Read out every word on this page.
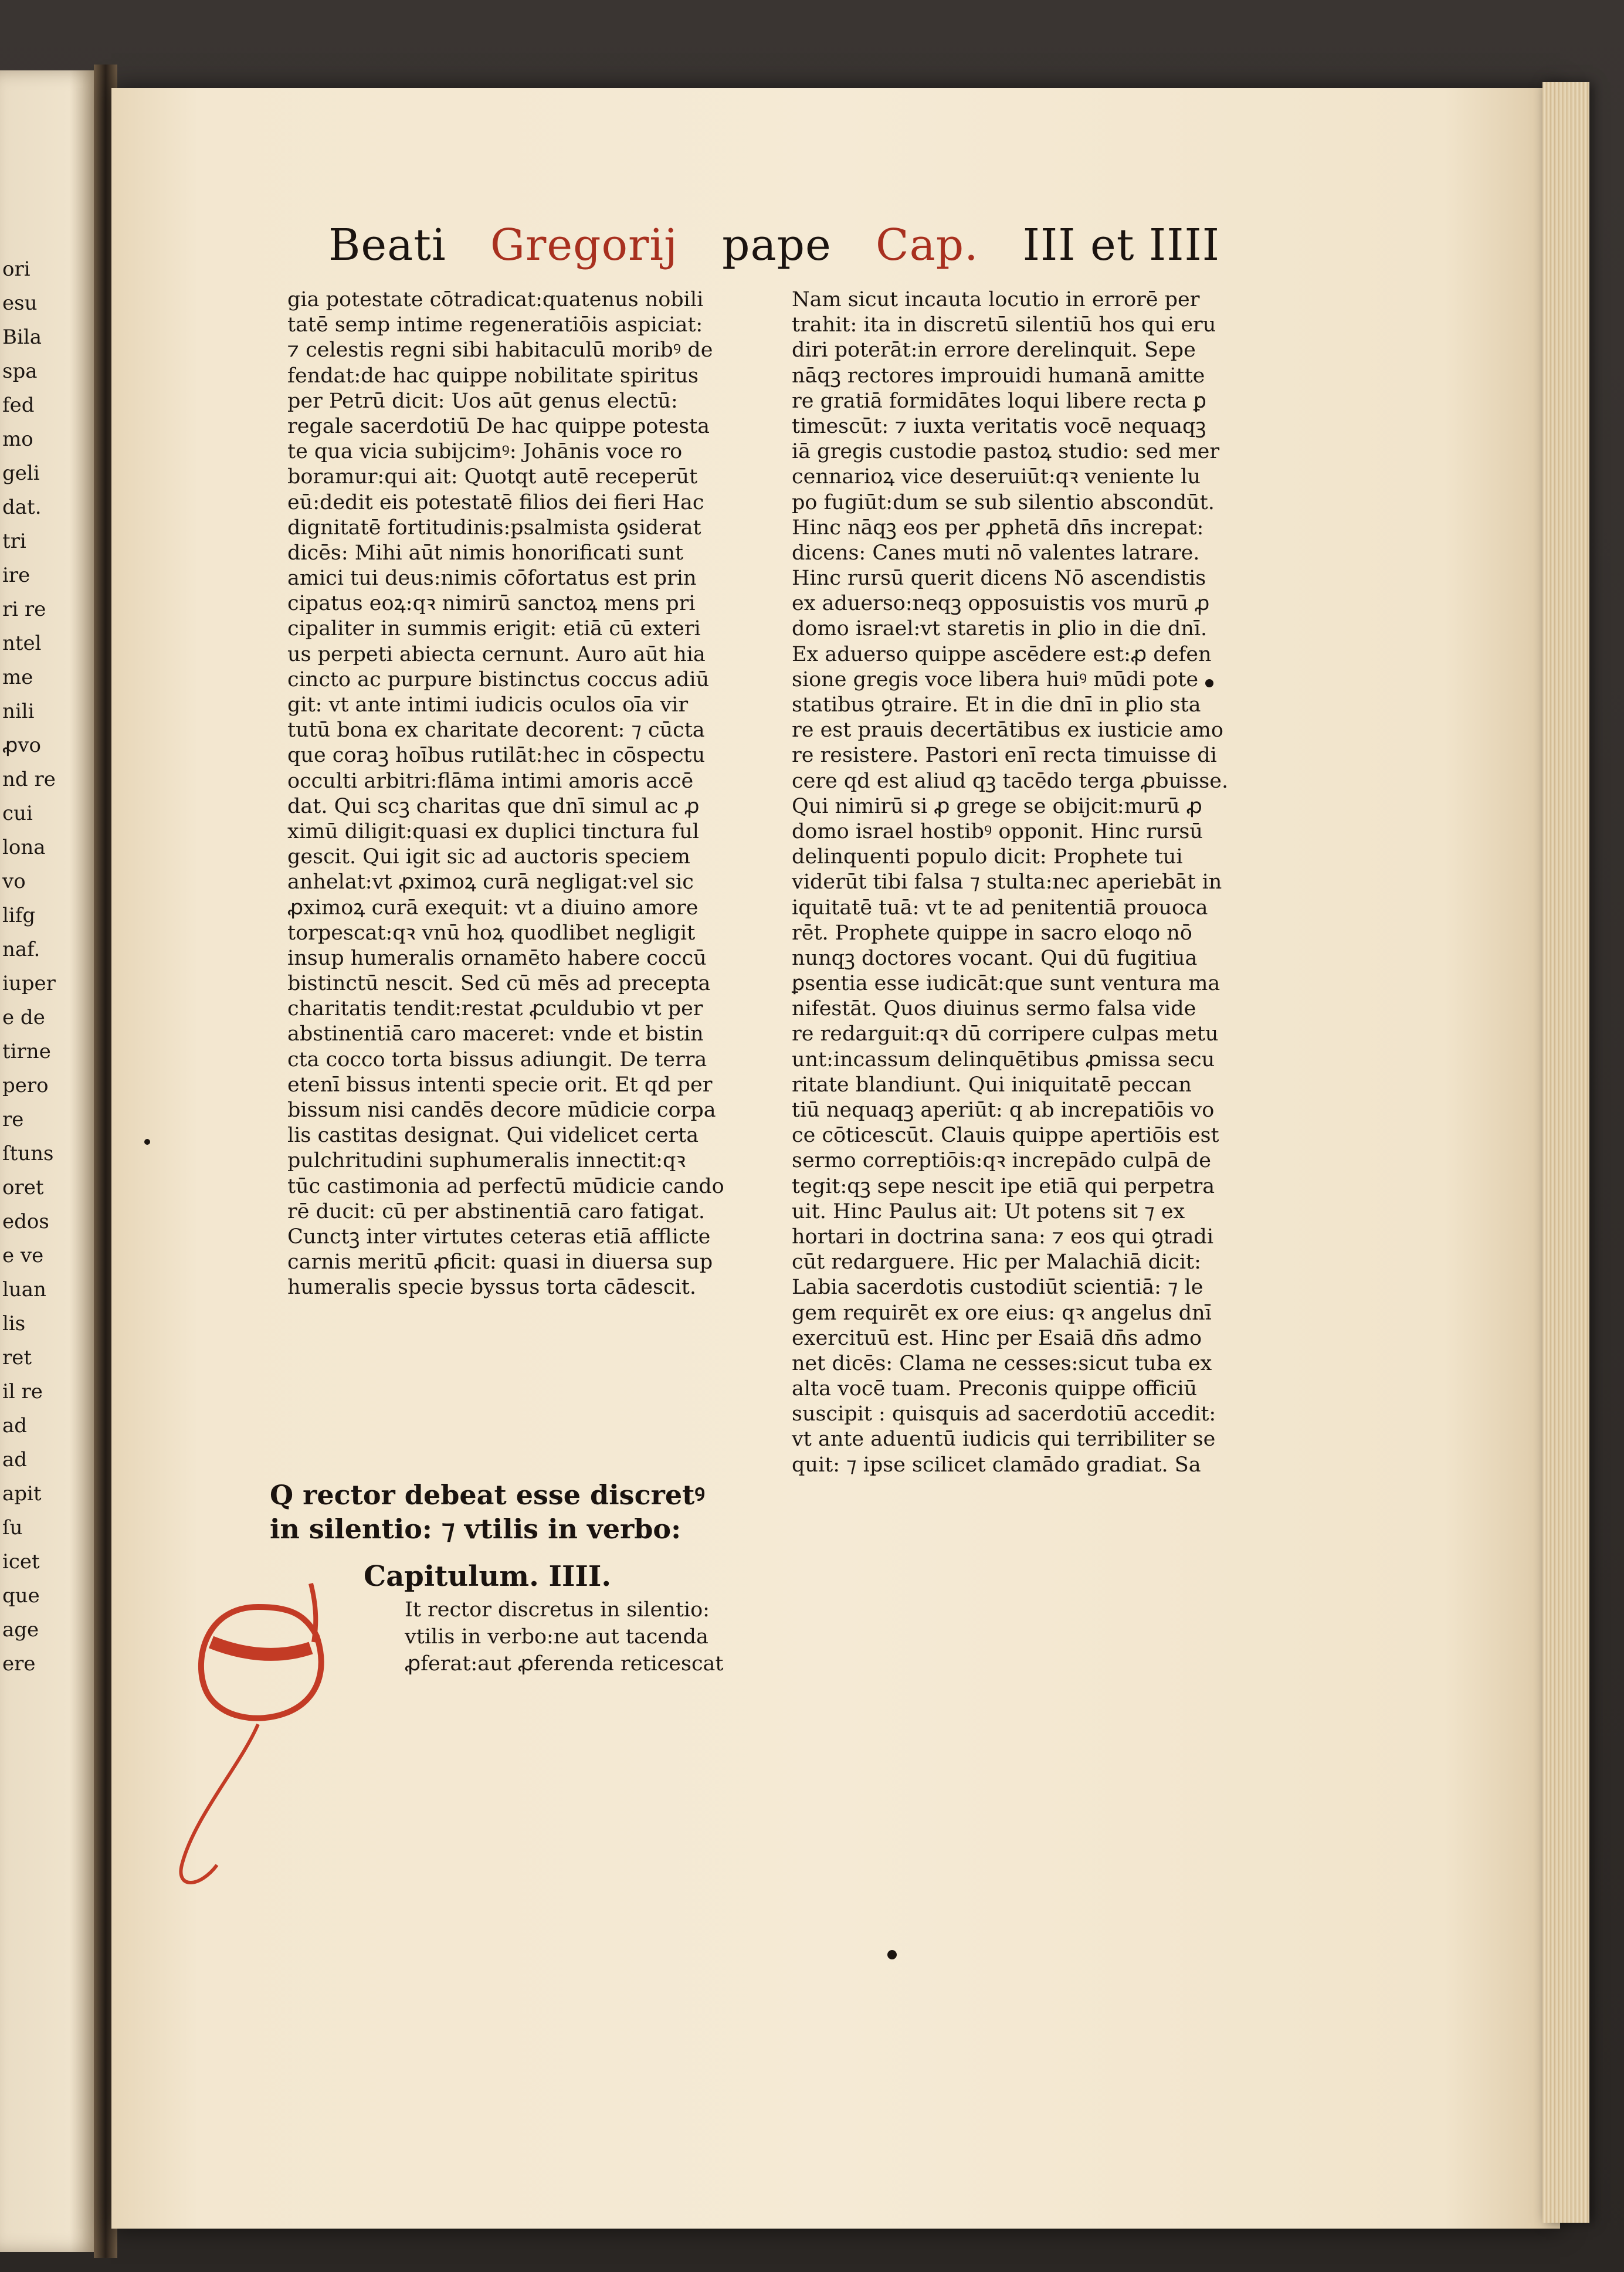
ori
esu
Bila
spa
fed
mo
geli
dat.
tri
ire
ri re
ntel
me
nili
ꝓvo
nd re
cui
lona
vo
lifg
naf.
iuper
e de
tirne
pero
re
ſtuns
oret
edos
e ve
luan
lis
ret
il re
ad
ad
apit
ſu
icet
que
age
ere
Beati Gregorij pape Cap. III et IIII
gia potestate cōtradicat:quatenus nobili
tatē semp intime regeneratiōis aspiciat:
⁊ celestis regni sibi habitaculū moribꝰ de
fendat:de hac quippe nobilitate spiritus
per Petrū dicit: Uos aūt genus electū:
regale sacerdotiū De hac quippe potesta
te qua vicia subijcimꝰ: Johānis voce ro
boramur:qui ait: Quotqt autē receperūt
eū:dedit eis potestatē filios dei fieri Hac
dignitatē fortitudinis:psalmista ꝯsiderat
dicēs: Mihi aūt nimis honorificati sunt
amici tui deus:nimis cōfortatus est prin
cipatus eoꝝ:qꝛ nimirū sanctoꝝ mens pri
cipaliter in summis erigit: etiā cū exteri
us perpeti abiecta cernunt. Auro aūt hia
cincto ac purpure bistinctus coccus adiū
git: vt ante intimi iudicis oculos oīa vir
tutū bona ex charitate decorent: ⁊ cūcta
que coraꝫ hoībus rutilāt:hec in cōspectu
occulti arbitri:flāma intimi amoris accē
dat. Qui scꝫ charitas que dnī simul ac ꝓ
ximū diligit:quasi ex duplici tinctura ful
gescit. Qui igit sic ad auctoris speciem
anhelat:vt ꝓximoꝝ curā negligat:vel sic
ꝓximoꝝ curā exequit: vt a diuino amore
torpescat:qꝛ vnū hoꝝ quodlibet negligit
insup humeralis ornamēto habere coccū
bistinctū nescit. Sed cū mēs ad precepta
charitatis tendit:restat ꝓculdubio vt per
abstinentiā caro maceret: vnde et bistin
cta cocco torta bissus adiungit. De terra
etenī bissus intenti specie orit. Et qd per
bissum nisi candēs decore mūdicie corpa
lis castitas designat. Qui videlicet certa
pulchritudini suphumeralis innectit:qꝛ
tūc castimonia ad perfectū mūdicie cando
rē ducit: cū per abstinentiā caro fatigat.
Cunctꝫ inter virtutes ceteras etiā afflicte
carnis meritū ꝓficit: quasi in diuersa sup
humeralis specie byssus torta cādescit.
Nam sicut incauta locutio in errorē per
trahit: ita in discretū silentiū hos qui eru
diri poterāt:in errore derelinquit. Sepe
nāqꝫ rectores improuidi humanā amitte
re gratiā formidātes loqui libere recta ꝑ
timescūt: ⁊ iuxta veritatis vocē nequaqꝫ
iā gregis custodie pastoꝝ studio: sed mer
cennarioꝝ vice deseruiūt:qꝛ veniente lu
po fugiūt:dum se sub silentio abscondūt.
Hinc nāqꝫ eos per ꝓphetā dn̄s increpat:
dicens: Canes muti nō valentes latrare.
Hinc rursū querit dicens Nō ascendistis
ex aduerso:neqꝫ opposuistis vos murū ꝓ
domo israel:vt staretis in ꝑlio in die dnī.
Ex aduerso quippe ascēdere est:ꝓ defen
sione gregis voce libera huiꝰ mūdi pote
statibus ꝯtraire. Et in die dnī in ꝑlio sta
re est prauis decertātibus ex iusticie amo
re resistere. Pastori enī recta timuisse di
cere qd est aliud qꝫ tacēdo terga ꝓbuisse.
Qui nimirū si ꝓ grege se obijcit:murū ꝓ
domo israel hostibꝰ opponit. Hinc rursū
delinquenti populo dicit: Prophete tui
viderūt tibi falsa ⁊ stulta:nec aperiebāt in
iquitatē tuā: vt te ad penitentiā prouoca
rēt. Prophete quippe in sacro eloqo nō
nunqꝫ doctores vocant. Qui dū fugitiua
ꝑsentia esse iudicāt:que sunt ventura ma
nifestāt. Quos diuinus sermo falsa vide
re redarguit:qꝛ dū corripere culpas metu
unt:incassum delinquētibus ꝓmissa secu
ritate blandiunt. Qui iniquitatē peccan
tiū nequaqꝫ aperiūt: q ab increpatiōis vo
ce cōticescūt. Clauis quippe apertiōis est
sermo correptiōis:qꝛ increpādo culpā de
tegit:qꝫ sepe nescit ipe etiā qui perpetra
uit. Hinc Paulus ait: Ut potens sit ⁊ ex
hortari in doctrina sana: ⁊ eos qui ꝯtradi
cūt redarguere. Hic per Malachiā dicit:
Labia sacerdotis custodiūt scientiā: ⁊ le
gem requirēt ex ore eius: qꝛ angelus dnī
exercituū est. Hinc per Esaiā dn̄s admo
net dicēs: Clama ne cesses:sicut tuba ex
alta vocē tuam. Preconis quippe officiū
suscipit : quisquis ad sacerdotiū accedit:
vt ante aduentū iudicis qui terribiliter se
quit: ⁊ ipse scilicet clamādo gradiat. Sa
Q rector debeat esse discretꝰ
in silentio: ⁊ vtilis in verbo:
Capitulum. IIII.
It rector discretus in silentio:
vtilis in verbo:ne aut tacenda
ꝓferat:aut ꝓferenda reticescat
